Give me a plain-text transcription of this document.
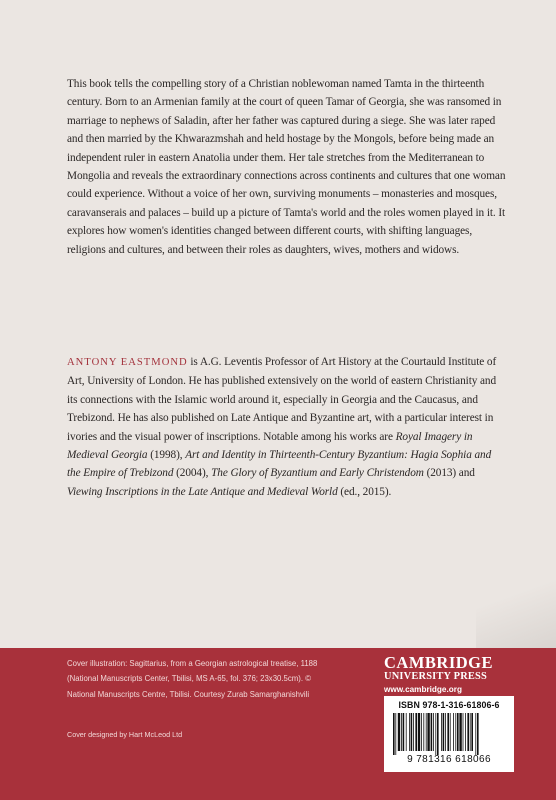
This book tells the compelling story of a Christian noblewoman named Tamta in the thirteenth century. Born to an Armenian family at the court of queen Tamar of Georgia, she was ransomed in marriage to nephews of Saladin, after her father was captured during a siege. She was later raped and then married by the Khwarazmshah and held hostage by the Mongols, before being made an independent ruler in eastern Anatolia under them. Her tale stretches from the Mediterranean to Mongolia and reveals the extraordinary connections across continents and cultures that one woman could experience. Without a voice of her own, surviving monuments – monasteries and mosques, caravanserais and palaces – build up a picture of Tamta's world and the roles women played in it. It explores how women's identities changed between different courts, with shifting languages, religions and cultures, and between their roles as daughters, wives, mothers and widows.

ANTONY EASTMOND is A.G. Leventis Professor of Art History at the Courtauld Institute of Art, University of London. He has published extensively on the world of eastern Christianity and its connections with the Islamic world around it, especially in Georgia and the Caucasus, and Trebizond. He has also published on Late Antique and Byzantine art, with a particular interest in ivories and the visual power of inscriptions. Notable among his works are Royal Imagery in Medieval Georgia (1998), Art and Identity in Thirteenth-Century Byzantium: Hagia Sophia and the Empire of Trebizond (2004), The Glory of Byzantium and Early Christendom (2013) and Viewing Inscriptions in the Late Antique and Medieval World (ed., 2015).
Cover illustration: Sagittarius, from a Georgian astrological treatise, 1188 (National Manuscripts Center, Tbilisi, MS A-65, fol. 376; 23x30.5cm). © National Manuscripts Centre, Tbilisi. Courtesy Zurab Samarghanishvili
Cover designed by Hart McLeod Ltd
CAMBRIDGE
UNIVERSITY PRESS
www.cambridge.org
ISBN 978-1-316-61806-6
9 781316 618066
